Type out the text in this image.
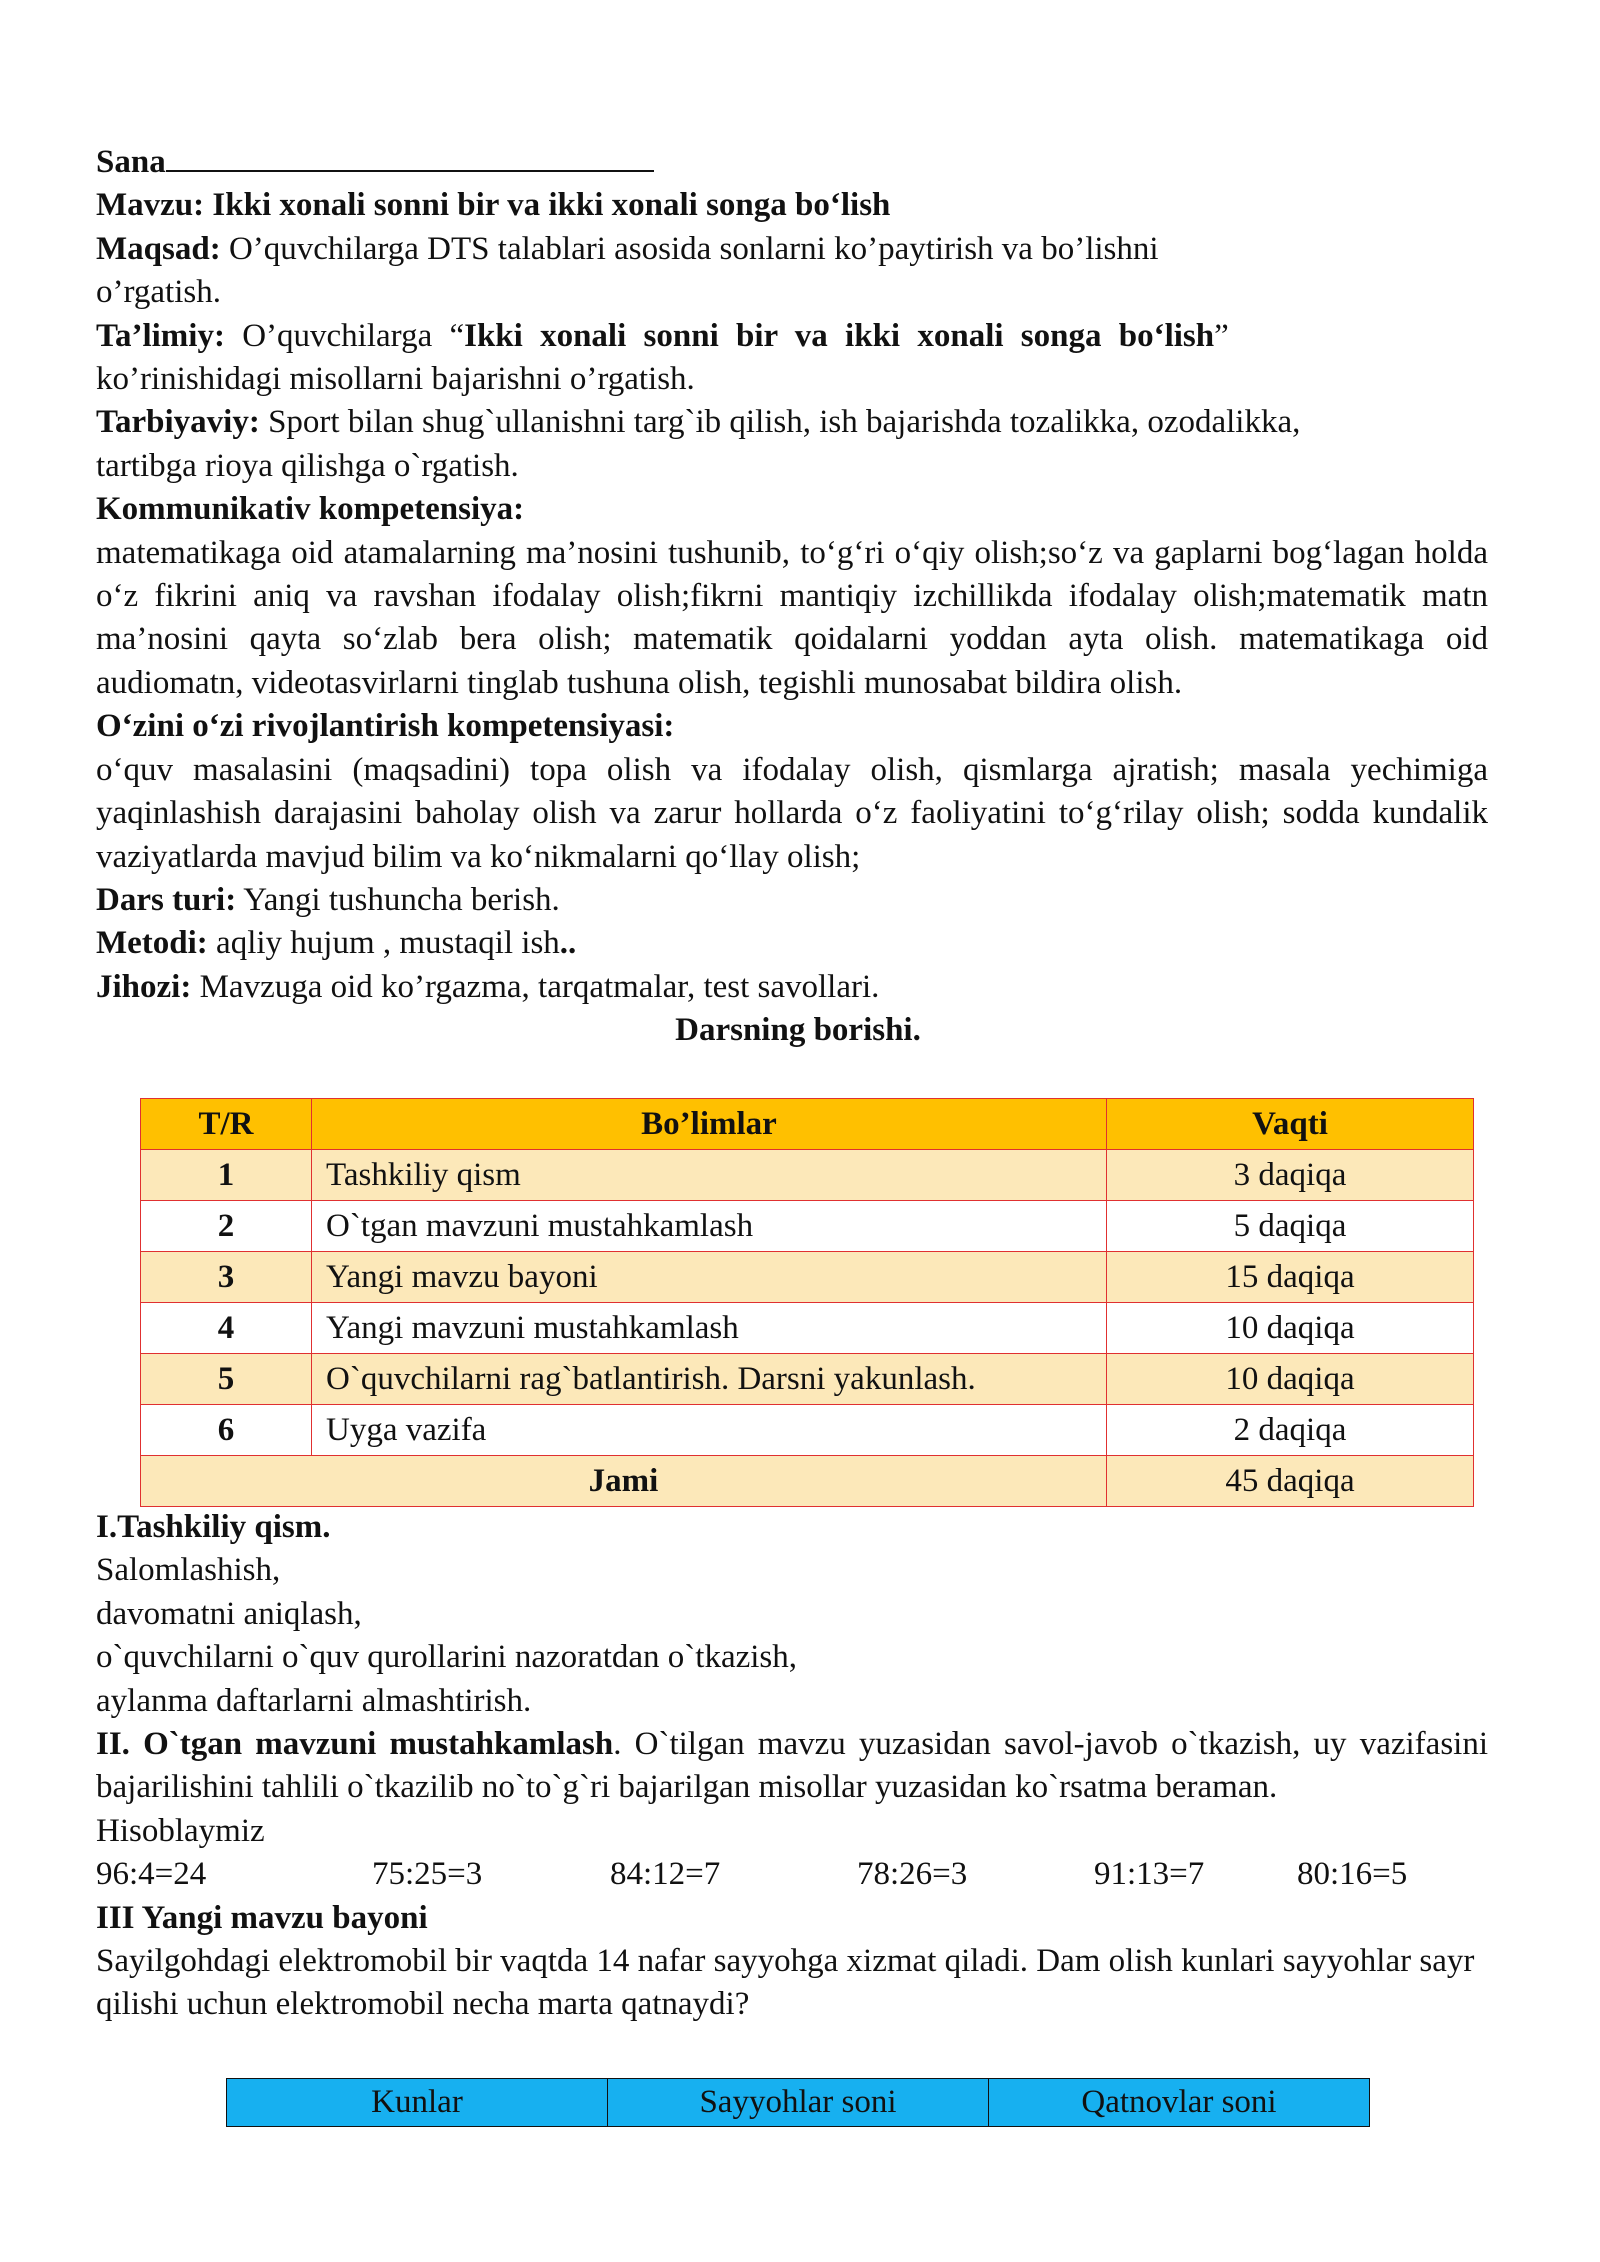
Sana

Mavzu: Ikki xonali sonni bir va ikki xonali songa bo‘lish

Maqsad: O’quvchilarga DTS talablari asosida sonlarni ko’paytirish va bo’lishni

o’rgatish.

Ta’limiy: O’quvchilarga “Ikki xonali sonni bir va ikki xonali songa bo‘lish”

ko’rinishidagi misollarni bajarishni o’rgatish.

Tarbiyaviy: Sport bilan shug`ullanishni targ`ib qilish, ish bajarishda tozalikka, ozodalikka,

tartibga rioya qilishga o`rgatish.

Kommunikativ kompetensiya:

matematikaga oid atamalarning ma’nosini tushunib, to‘g‘ri o‘qiy olish;so‘z va gaplarni bog‘lagan holda o‘z fikrini aniq va ravshan ifodalay olish;fikrni mantiqiy izchillikda ifodalay olish;matematik matn ma’nosini qayta so‘zlab bera olish; matematik qoidalarni yoddan ayta olish. matematikaga oid audiomatn, videotasvirlarni tinglab tushuna olish, tegishli munosabat bildira olish.

O‘zini o‘zi rivojlantirish kompetensiyasi:

o‘quv masalasini (maqsadini) topa olish va ifodalay olish, qismlarga ajratish; masala yechimiga yaqinlashish darajasini baholay olish va zarur hollarda o‘z faoliyatini to‘g‘rilay olish; sodda kundalik vaziyatlarda mavjud bilim va ko‘nikmalarni qo‘llay olish;

Dars turi: Yangi tushuncha berish.

Metodi: aqliy hujum , mustaqil ish..

Jihozi: Mavzuga oid ko’rgazma, tarqatmalar, test savollari.

Darsning borishi.

T/R	Bo’limlar	Vaqti
1	Tashkiliy qism	3 daqiqa
2	O`tgan mavzuni mustahkamlash	5 daqiqa
3	Yangi mavzu bayoni	15 daqiqa
4	Yangi mavzuni mustahkamlash	10 daqiqa
5	O`quvchilarni rag`batlantirish. Darsni yakunlash.	10 daqiqa
6	Uyga vazifa	2 daqiqa
Jami		45 daqiqa

I.Tashkiliy qism.

Salomlashish,

davomatni aniqlash,

o`quvchilarni o`quv qurollarini nazoratdan o`tkazish,

aylanma daftarlarni almashtirish.

II. O`tgan mavzuni mustahkamlash. O`tilgan mavzu yuzasidan savol-javob o`tkazish, uy vazifasini bajarilishini tahlili o`tkazilib no`to`g`ri bajarilgan misollar yuzasidan ko`rsatma beraman.

Hisoblaymiz

96:4=24	75:25=3	84:12=7	78:26=3	91:13=7	80:16=5

III Yangi mavzu bayoni

Sayilgohdagi elektromobil bir vaqtda 14 nafar sayyohga xizmat qiladi. Dam olish kunlari sayyohlar sayr qilishi uchun elektromobil necha marta qatnaydi?

Kunlar	Sayyohlar soni	Qatnovlar soni
